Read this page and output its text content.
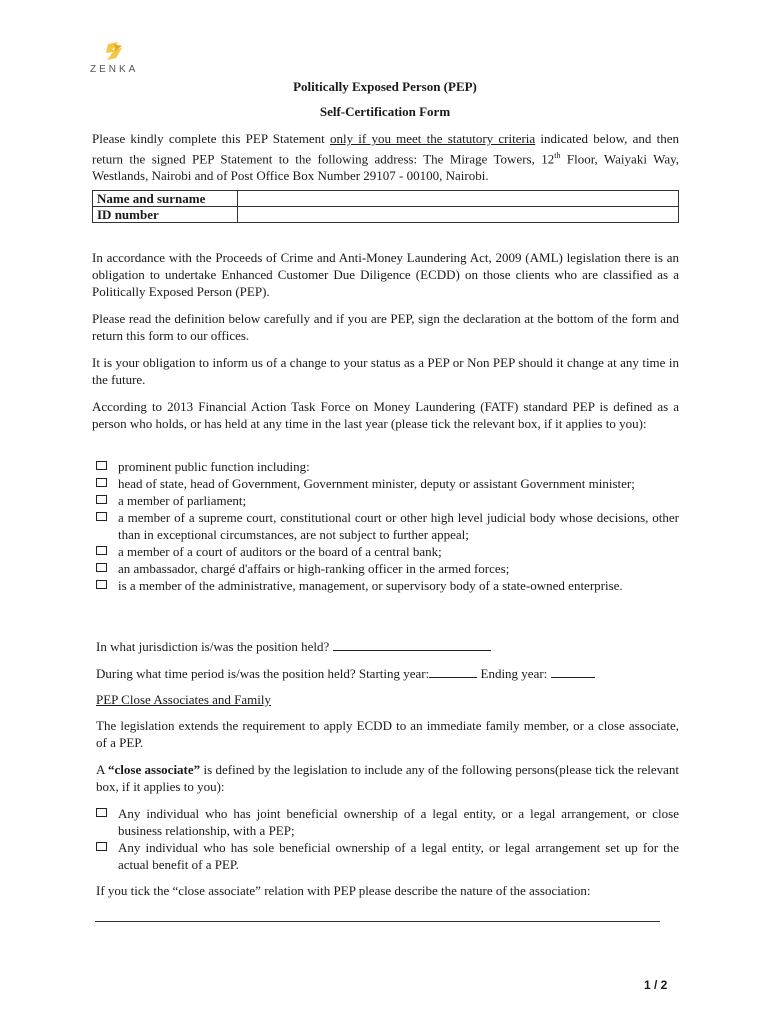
ZENKA
Politically Exposed Person (PEP)
Self-Certification Form

Please kindly complete this PEP Statement only if you meet the statutory criteria indicated below, and then return the signed PEP Statement to the following address: The Mirage Towers, 12th Floor, Waiyaki Way, Westlands, Nairobi and of Post Office Box Number 29107 - 00100, Nairobi.

Name and surname	
ID number	

In accordance with the Proceeds of Crime and Anti-Money Laundering Act, 2009 (AML) legislation there is an obligation to undertake Enhanced Customer Due Diligence (ECDD) on those clients who are classified as a Politically Exposed Person (PEP).

Please read the definition below carefully and if you are PEP, sign the declaration at the bottom of the form and return this form to our offices.

It is your obligation to inform us of a change to your status as a PEP or Non PEP should it change at any time in the future.

According to 2013 Financial Action Task Force on Money Laundering (FATF) standard PEP is defined as a person who holds, or has held at any time in the last year (please tick the relevant box, if it applies to you):

prominent public function including:
head of state, head of Government, Government minister, deputy or assistant Government minister;
a member of parliament;
a member of a supreme court, constitutional court or other high level judicial body whose decisions, other than in exceptional circumstances, are not subject to further appeal;
a member of a court of auditors or the board of a central bank;
an ambassador, chargé d'affairs or high-ranking officer in the armed forces;
is a member of the administrative, management, or supervisory body of a state-owned enterprise.
In what jurisdiction is/was the position held?
During what time period is/was the position held? Starting year:	Ending year:
PEP Close Associates and Family

The legislation extends the requirement to apply ECDD to an immediate family member, or a close associate, of a PEP.

A “close associate” is defined by the legislation to include any of the following persons(please tick the relevant box, if it applies to you):

Any individual who has joint beneficial ownership of a legal entity, or a legal arrangement, or close business relationship, with a PEP;
Any individual who has sole beneficial ownership of a legal entity, or legal arrangement set up for the actual benefit of a PEP.

If you tick the “close associate” relation with PEP please describe the nature of the association:

1 / 2
